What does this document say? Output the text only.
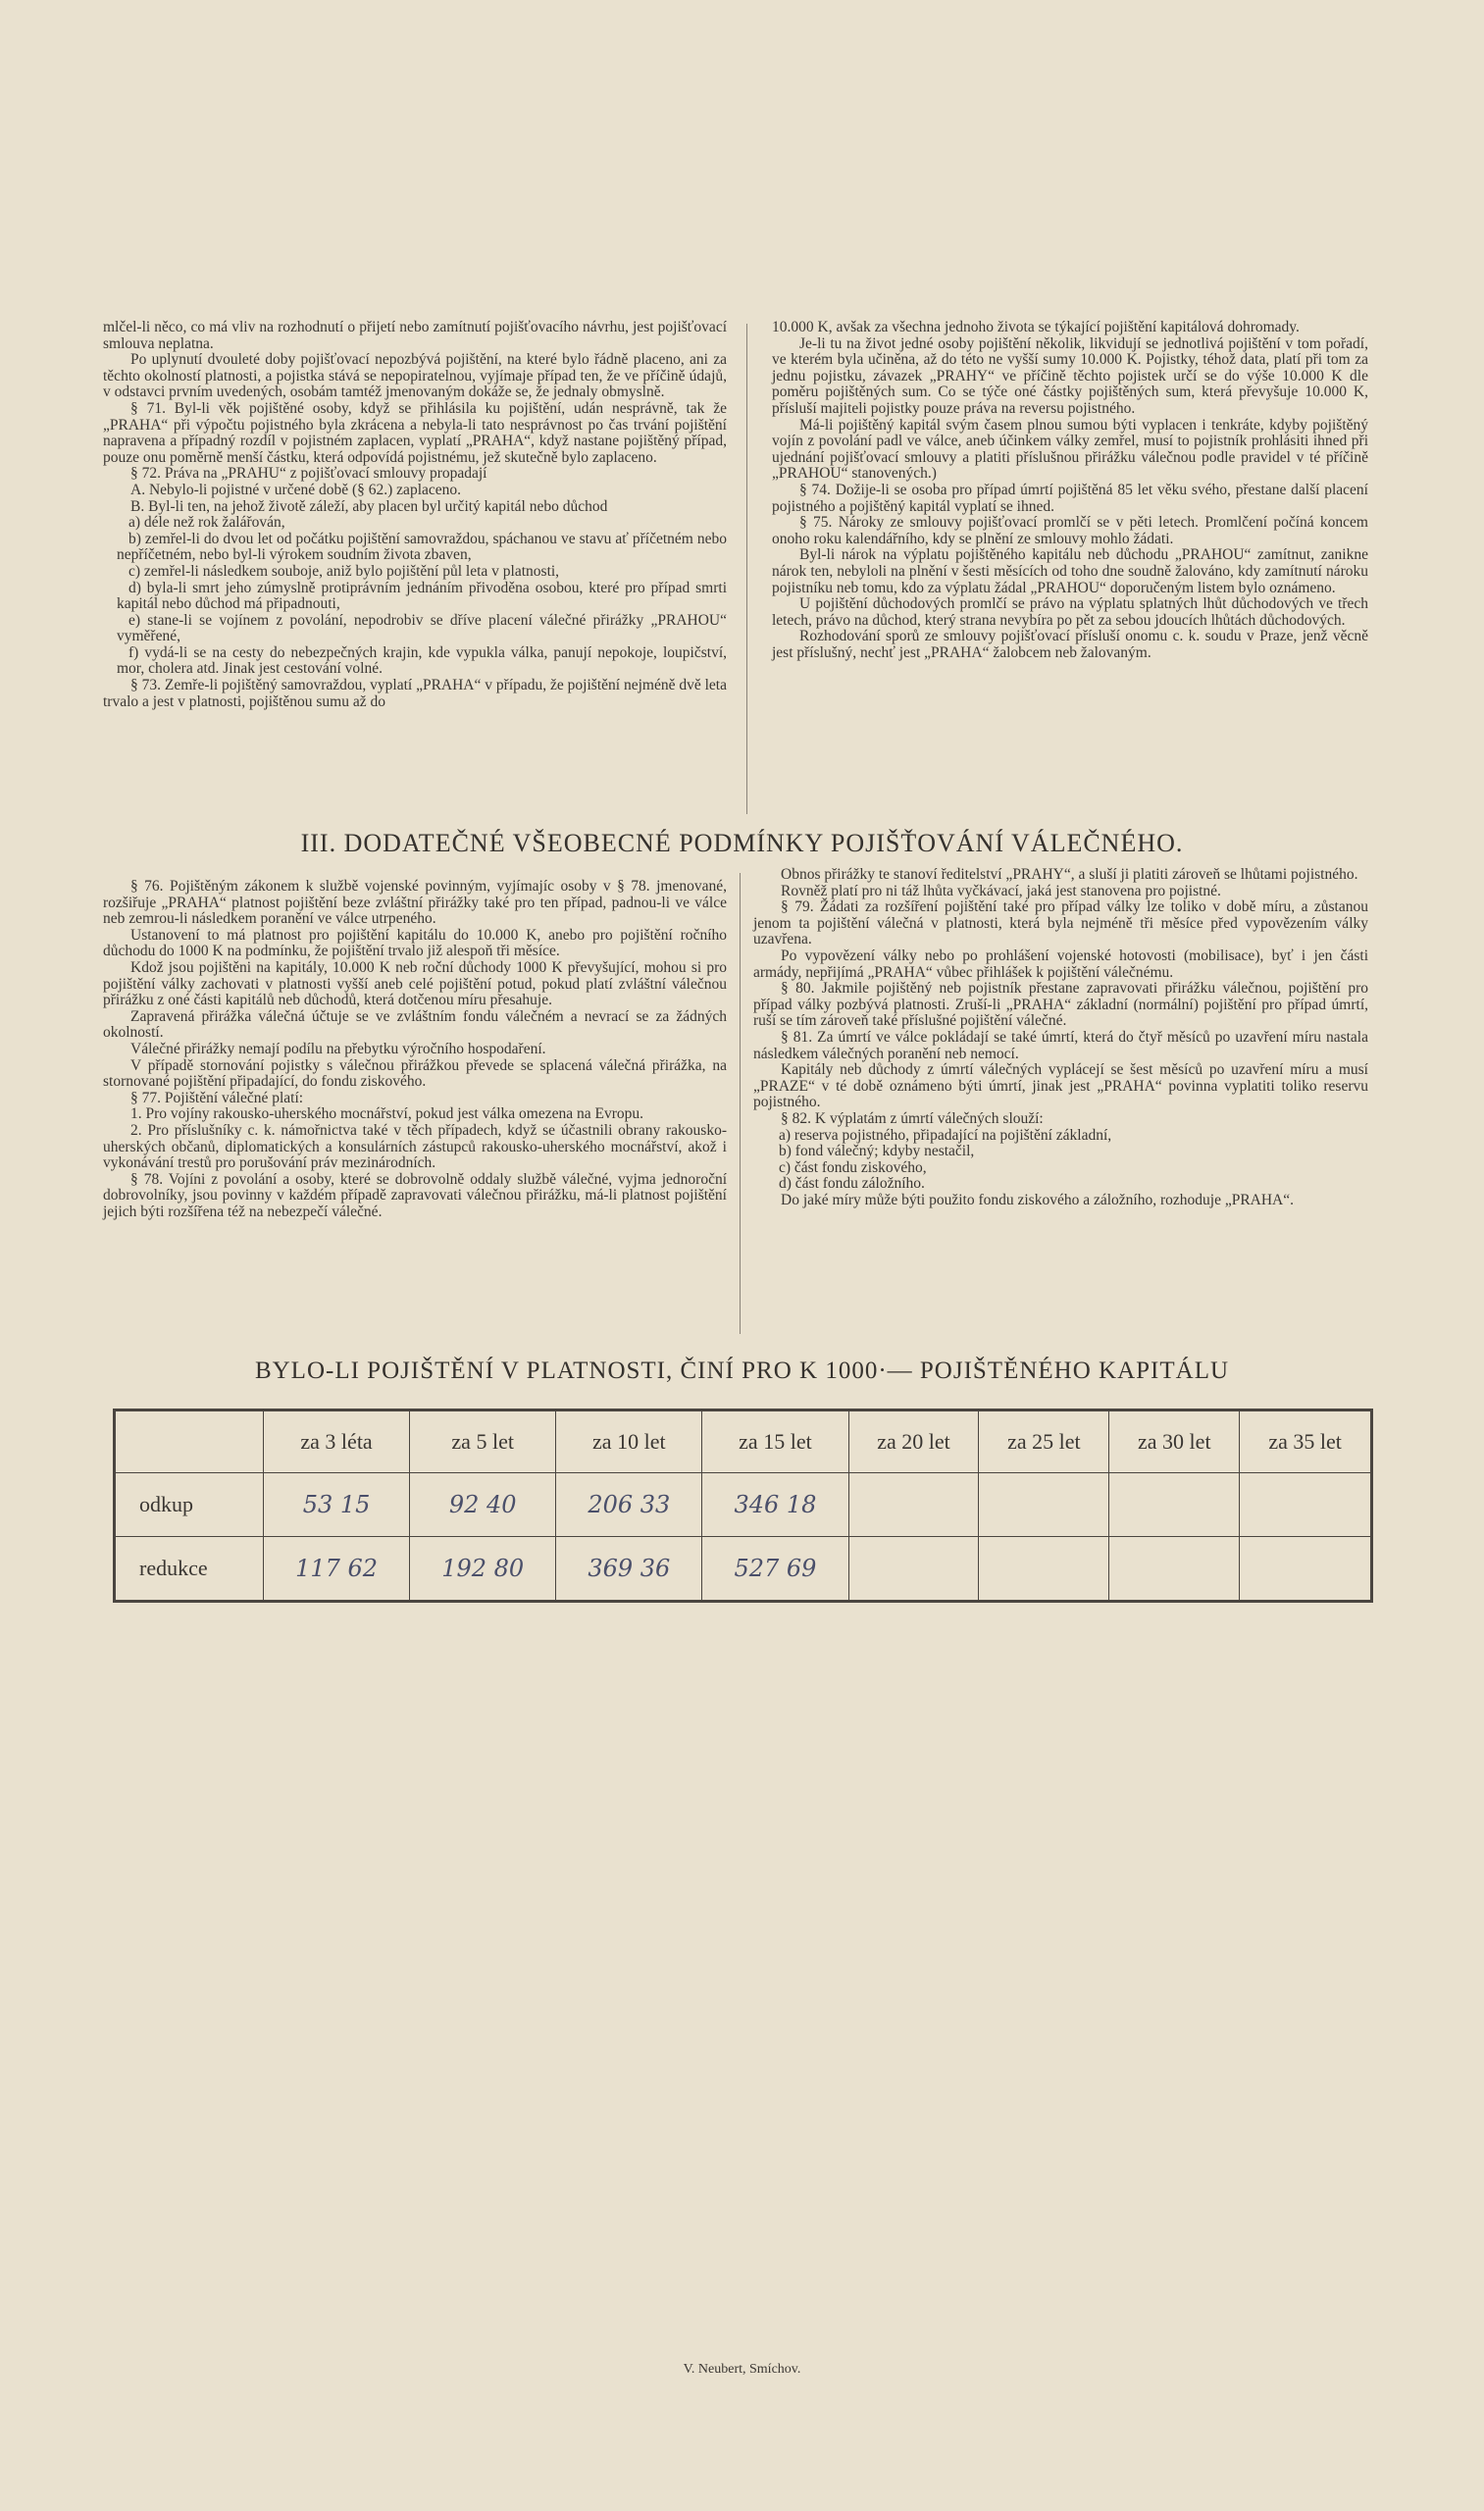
mlčel-li něco, co má vliv na rozhodnutí o přijetí nebo zamítnutí pojišťovacího návrhu, jest pojišťovací smlouva neplatna.

Po uplynutí dvouleté doby pojišťovací nepozbývá pojištění, na které bylo řádně placeno, ani za těchto okolností platnosti, a pojistka stává se nepopiratelnou, vyjímaje případ ten, že ve příčině údajů, v odstavci prvním uvedených, osobám tamtéž jmenovaným dokáže se, že jednaly obmyslně.

§ 71. Byl-li věk pojištěné osoby, když se přihlásila ku pojištění, udán nesprávně, tak že „PRAHA“ při výpočtu pojistného byla zkrácena a nebyla-li tato nesprávnost po čas trvání pojištění napravena a případný rozdíl v pojistném zaplacen, vyplatí „PRAHA“, když nastane pojištěný případ, pouze onu poměrně menší částku, která odpovídá pojistnému, jež skutečně bylo zaplaceno.

§ 72. Práva na „PRAHU“ z pojišťovací smlouvy propadají

A. Nebylo-li pojistné v určené době (§ 62.) zaplaceno.

B. Byl-li ten, na jehož životě záleží, aby placen byl určitý kapitál nebo důchod

a) déle než rok žalářován,

b) zemřel-li do dvou let od počátku pojištění samovraždou, spáchanou ve stavu ať příčetném nebo nepříčetném, nebo byl-li výrokem soudním života zbaven,

c) zemřel-li následkem souboje, aniž bylo pojištění půl leta v platnosti,

d) byla-li smrt jeho zúmyslně protiprávním jednáním přivoděna osobou, které pro případ smrti kapitál nebo důchod má připadnouti,

e) stane-li se vojínem z povolání, nepodrobiv se dříve placení válečné přirážky „PRAHOU“ vyměřené,

f) vydá-li se na cesty do nebezpečných krajin, kde vypukla válka, panují nepokoje, loupičství, mor, cholera atd. Jinak jest cestování volné.

§ 73. Zemře-li pojištěný samovraždou, vyplatí „PRAHA“ v případu, že pojištění nejméně dvě leta trvalo a jest v platnosti, pojištěnou sumu až do

10.000 K, avšak za všechna jednoho života se týkající pojištění kapitálová dohromady.

Je-li tu na život jedné osoby pojištění několik, likvidují se jednotlivá pojištění v tom pořadí, ve kterém byla učiněna, až do této ne vyšší sumy 10.000 K. Pojistky, téhož data, platí při tom za jednu pojistku, závazek „PRAHY“ ve příčině těchto pojistek určí se do výše 10.000 K dle poměru pojištěných sum. Co se týče oné částky pojištěných sum, která převyšuje 10.000 K, přísluší majiteli pojistky pouze práva na reversu pojistného.

Má-li pojištěný kapitál svým časem plnou sumou býti vyplacen i tenkráte, kdyby pojištěný vojín z povolání padl ve válce, aneb účinkem války zemřel, musí to pojistník prohlásiti ihned při ujednání pojišťovací smlouvy a platiti příslušnou přirážku válečnou podle pravidel v té příčině „PRAHOU“ stanovených.)

§ 74. Dožije-li se osoba pro případ úmrtí pojištěná 85 let věku svého, přestane další placení pojistného a pojištěný kapitál vyplatí se ihned.

§ 75. Nároky ze smlouvy pojišťovací promlčí se v pěti letech. Promlčení počíná koncem onoho roku kalendářního, kdy se plnění ze smlouvy mohlo žádati.

Byl-li nárok na výplatu pojištěného kapitálu neb důchodu „PRAHOU“ zamítnut, zanikne nárok ten, nebyloli na plnění v šesti měsících od toho dne soudně žalováno, kdy zamítnutí nároku pojistníku neb tomu, kdo za výplatu žádal „PRAHOU“ doporučeným listem bylo oznámeno.

U pojištění důchodových promlčí se právo na výplatu splatných lhůt důchodových ve třech letech, právo na důchod, který strana nevybíra po pět za sebou jdoucích lhůtách důchodových.

Rozhodování sporů ze smlouvy pojišťovací přísluší onomu c. k. soudu v Praze, jenž věcně jest příslušný, nechť jest „PRAHA“ žalobcem neb žalovaným.

III. DODATEČNÉ VŠEOBECNÉ PODMÍNKY POJIŠŤOVÁNÍ VÁLEČNÉHO.

§ 76. Pojištěným zákonem k službě vojenské povinným, vyjímajíc osoby v § 78. jmenované, rozšiřuje „PRAHA“ platnost pojištění beze zvláštní přirážky také pro ten případ, padnou-li ve válce neb zemrou-li následkem poranění ve válce utrpeného.

Ustanovení to má platnost pro pojištění kapitálu do 10.000 K, anebo pro pojištění ročního důchodu do 1000 K na podmínku, že pojištění trvalo již alespoň tři měsíce.

Kdož jsou pojištěni na kapitály, 10.000 K neb roční důchody 1000 K převyšující, mohou si pro pojištění války zachovati v platnosti vyšší aneb celé pojištění potud, pokud platí zvláštní válečnou přirážku z oné části kapitálů neb důchodů, která dotčenou míru přesahuje.

Zapravená přirážka válečná účtuje se ve zvláštním fondu válečném a nevrací se za žádných okolností.

Válečné přirážky nemají podílu na přebytku výročního hospodaření.

V případě stornování pojistky s válečnou přirážkou převede se splacená válečná přirážka, na stornované pojištění připadající, do fondu ziskového.

§ 77. Pojištění válečné platí:

1. Pro vojíny rakousko-uherského mocnářství, pokud jest válka omezena na Evropu.

2. Pro příslušníky c. k. námořnictva také v těch případech, když se účastnili obrany rakousko-uherských občanů, diplomatických a konsulárních zástupců rakousko-uherského mocnářství, akož i vykonávání trestů pro porušování práv mezinárodních.

§ 78. Vojíni z povolání a osoby, které se dobrovolně oddaly službě válečné, vyjma jednoroční dobrovolníky, jsou povinny v každém případě zapravovati válečnou přirážku, má-li platnost pojištění jejich býti rozšířena též na nebezpečí válečné.

Obnos přirážky te stanoví ředitelství „PRAHY“, a sluší ji platiti zároveň se lhůtami pojistného.

Rovněž platí pro ni táž lhůta vyčkávací, jaká jest stanovena pro pojistné.

§ 79. Žádati za rozšíření pojištění také pro případ války lze toliko v době míru, a zůstanou jenom ta pojištění válečná v platnosti, která byla nejméně tři měsíce před vypovězením války uzavřena.

Po vypovězení války nebo po prohlášení vojenské hotovosti (mobilisace), byť i jen části armády, nepřijímá „PRAHA“ vůbec přihlášek k pojištění válečnému.

§ 80. Jakmile pojištěný neb pojistník přestane zapravovati přirážku válečnou, pojištění pro případ války pozbývá platnosti. Zruší-li „PRAHA“ základní (normální) pojištění pro případ úmrtí, ruší se tím zároveň také příslušné pojištění válečné.

§ 81. Za úmrtí ve válce pokládají se také úmrtí, která do čtyř měsíců po uzavření míru nastala následkem válečných poranění neb nemocí.

Kapitály neb důchody z úmrtí válečných vyplácejí se šest měsíců po uzavření míru a musí „PRAZE“ v té době oznámeno býti úmrtí, jinak jest „PRAHA“ povinna vyplatiti toliko reservu pojistného.

§ 82. K výplatám z úmrtí válečných slouží:

a) reserva pojistného, připadající na pojištění základní,

b) fond válečný; kdyby nestačil,

c) část fondu ziskového,

d) část fondu záložního.

Do jaké míry může býti použito fondu ziskového a záložního, rozhoduje „PRAHA“.

BYLO-LI POJIŠTĚNÍ V PLATNOSTI, ČINÍ PRO K 1000·— POJIŠTĚNÉHO KAPITÁLU
	za 3 léta	za 5 let	za 10 let	za 15 let	za 20 let	za 25 let	za 30 let	za 35 let
odkup	53 15	92 40	206 33	346 18				
redukce	117 62	192 80	369 36	527 69				
V. Neubert, Smíchov.
